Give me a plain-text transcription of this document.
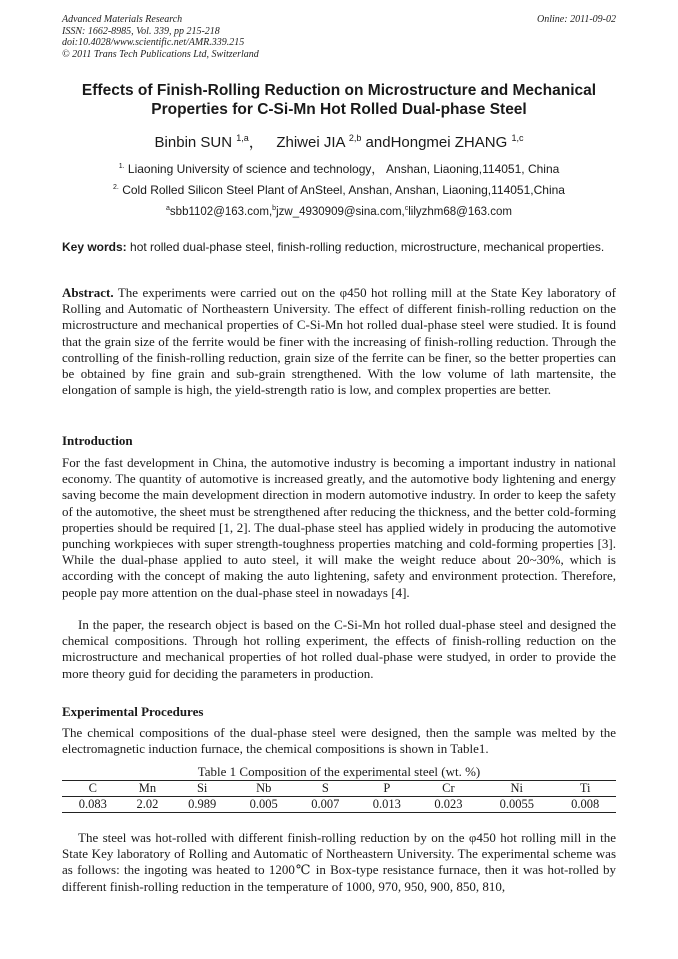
Advanced Materials Research
ISSN: 1662-8985, Vol. 339, pp 215-218
doi:10.4028/www.scientific.net/AMR.339.215
© 2011 Trans Tech Publications Ltd, Switzerland
Online: 2011-09-02
Effects of Finish-Rolling Reduction on Microstructure and Mechanical Properties for C-Si-Mn Hot Rolled Dual-phase Steel
Binbin SUN $^{1,a}$， Zhiwei JIA $^{2,b}$ andHongmei ZHANG $^{1,c}$
$^{1.}$ Liaoning University of science and technology， Anshan, Liaoning,114051, China
$^{2.}$ Cold Rolled Silicon Steel Plant of AnSteel, Anshan, Anshan, Liaoning,114051,China
$^a$sbb1102@163.com,$^b$jzw_4930909@sina.com,$^c$lilyzhm68@163.com
Key words: hot rolled dual-phase steel, finish-rolling reduction, microstructure, mechanical properties.

Abstract. The experiments were carried out on the φ450 hot rolling mill at the State Key laboratory of Rolling and Automatic of Northeastern University. The effect of different finish-rolling reduction on the microstructure and mechanical properties of C-Si-Mn hot rolled dual-phase steel were studied. It is found that the grain size of the ferrite would be finer with the increasing of finish-rolling reduction. Through the controlling of the finish-rolling reduction, grain size of the ferrite can be finer, so the better properties can be obtained by fine grain and sub-grain strengthened. With the low volume of lath martensite, the elongation of sample is high, the yield-strength ratio is low, and complex properties are better.

Introduction

For the fast development in China, the automotive industry is becoming a important industry in national economy. The quantity of automotive is increased greatly, and the automotive body lightening and energy saving become the main development direction in modern automotive industry. In order to keep the safety of the automotive, the sheet must be strengthened after reducing the thickness, and the better cold-forming properties should be required [1, 2]. The dual-phase steel has applied widely in producing the automotive punching workpieces with super strength-toughness properties matching and cold-forming properties [3]. While the dual-phase applied to auto steel, it will make the weight reduce about 20~30%, which is according with the concept of making the auto lightening, safety and environment protection. Therefore, people pay more attention on the dual-phase steel in nowadays [4].

In the paper, the research object is based on the C-Si-Mn hot rolled dual-phase steel and designed the chemical compositions. Through hot rolling experiment, the effects of finish-rolling reduction on the microstructure and mechanical properties of hot rolled dual-phase were studyed, in order to provide the more theory guid for deciding the parameters in production.

Experimental Procedures

The chemical compositions of the dual-phase steel were designed, then the sample was melted by the electromagnetic induction furnace, the chemical compositions is shown in Table1.

Table 1 Composition of the experimental steel (wt. %)
C	Mn	Si	Nb	S	P	Cr	Ni	Ti
0.083	2.02	0.989	0.005	0.007	0.013	0.023	0.0055	0.008

The steel was hot-rolled with different finish-rolling reduction by on the φ450 hot rolling mill in the State Key laboratory of Rolling and Automatic of Northeastern University. The experimental scheme was as follows: the ingoting was heated to 1200℃ in Box-type resistance furnace, then it was hot-rolled by different finish-rolling reduction in the temperature of 1000, 970, 950, 900, 850, 810,
